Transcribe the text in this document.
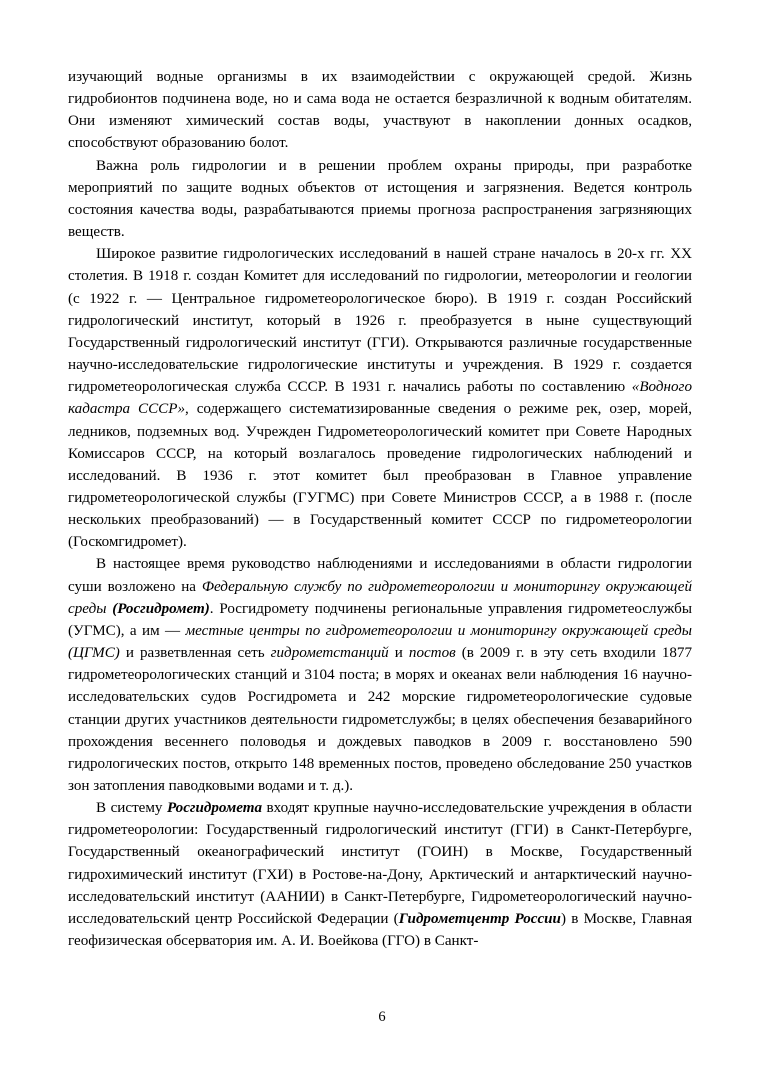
изучающий водные организмы в их взаимодействии с окружающей средой. Жизнь гидробионтов подчинена воде, но и сама вода не остается безразличной к водным обитателям. Они изменяют химический состав воды, участвуют в накоплении донных осадков, способствуют образованию болот.

Важна роль гидрологии и в решении проблем охраны природы, при разработке мероприятий по защите водных объектов от истощения и загрязнения. Ведется контроль состояния качества воды, разрабатываются приемы прогноза распространения загрязняющих веществ.

Широкое развитие гидрологических исследований в нашей стране началось в 20-х гг. XX столетия. В 1918 г. создан Комитет для исследований по гидрологии, метеорологии и геологии (с 1922 г. — Центральное гидрометеорологическое бюро). В 1919 г. создан Российский гидрологический институт, который в 1926 г. преобразуется в ныне существующий Государственный гидрологический институт (ГГИ). Открываются различные государственные научно-исследовательские гидрологические институты и учреждения. В 1929 г. создается гидрометеорологическая служба СССР. В 1931 г. начались работы по составлению «Водного кадастра СССР», содержащего систематизированные сведения о режиме рек, озер, морей, ледников, подземных вод. Учрежден Гидрометеорологический комитет при Совете Народных Комиссаров СССР, на который возлагалось проведение гидрологических наблюдений и исследований. В 1936 г. этот комитет был преобразован в Главное управление гидрометеорологической службы (ГУГМС) при Совете Министров СССР, а в 1988 г. (после нескольких преобразований) — в Государственный комитет СССР по гидрометеорологии (Госкомгидромет).

В настоящее время руководство наблюдениями и исследованиями в области гидрологии суши возложено на Федеральную службу по гидрометеорологии и мониторингу окружающей среды (Росгидромет). Росгидромету подчинены региональные управления гидрометеослужбы (УГМС), а им — местные центры по гидрометеорологии и мониторингу окружающей среды (ЦГМС) и разветвленная сеть гидрометстанций и постов (в 2009 г. в эту сеть входили 1877 гидрометеорологических станций и 3104 поста; в морях и океанах вели наблюдения 16 научно-исследовательских судов Росгидромета и 242 морские гидрометеорологические судовые станции других участников деятельности гидрометслужбы; в целях обеспечения безаварийного прохождения весеннего половодья и дождевых паводков в 2009 г. восстановлено 590 гидрологических постов, открыто 148 временных постов, проведено обследование 250 участков зон затопления паводковыми водами и т. д.).

В систему Росгидромета входят крупные научно-исследовательские учреждения в области гидрометеорологии: Государственный гидрологический институт (ГГИ) в Санкт-Петербурге, Государственный океанографический институт (ГОИН) в Москве, Государственный гидрохимический институт (ГХИ) в Ростове-на-Дону, Арктический и антарктический научно-исследовательский институт (ААНИИ) в Санкт-Петербурге, Гидрометеорологический научно-исследовательский центр Российской Федерации (Гидрометцентр России) в Москве, Главная геофизическая обсерватория им. А. И. Воейкова (ГГО) в Санкт-

6
